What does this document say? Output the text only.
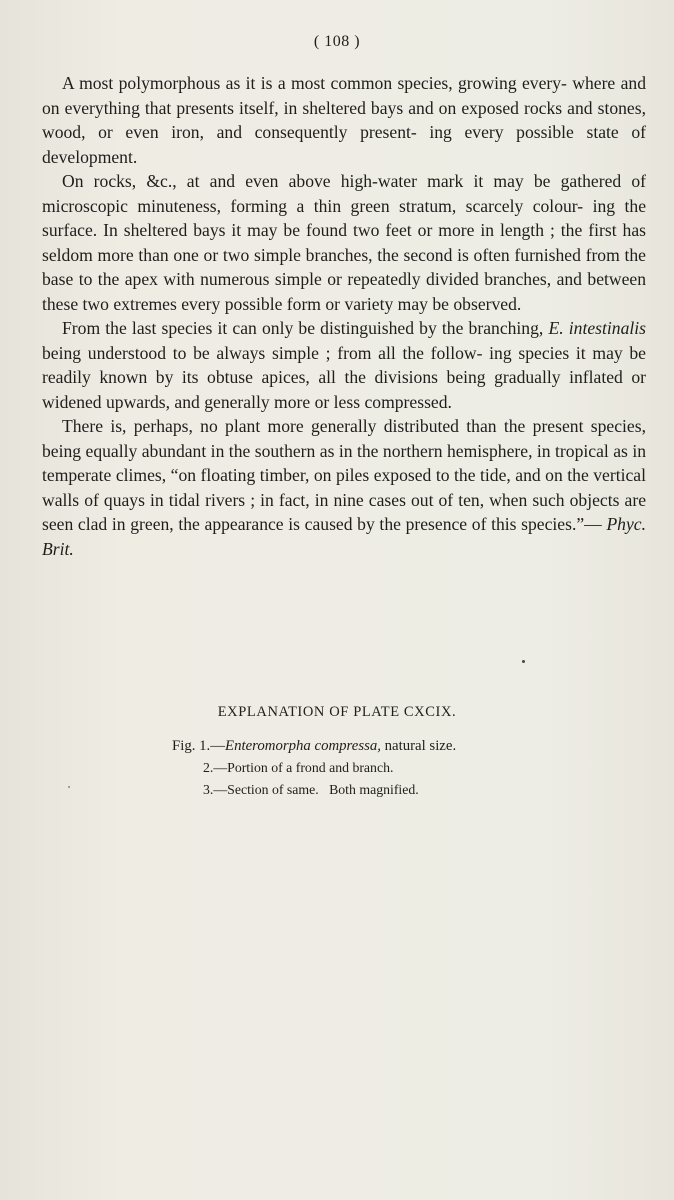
( 108 )

A most polymorphous as it is a most common species, growing every- where and on everything that presents itself, in sheltered bays and on exposed rocks and stones, wood, or even iron, and consequently present- ing every possible state of development.

On rocks, &c., at and even above high-water mark it may be gathered of microscopic minuteness, forming a thin green stratum, scarcely colour- ing the surface. In sheltered bays it may be found two feet or more in length ; the first has seldom more than one or two simple branches, the second is often furnished from the base to the apex with numerous simple or repeatedly divided branches, and between these two extremes every possible form or variety may be observed.

From the last species it can only be distinguished by the branching, E. intestinalis being understood to be always simple ; from all the follow- ing species it may be readily known by its obtuse apices, all the divisions being gradually inflated or widened upwards, and generally more or less compressed.

There is, perhaps, no plant more generally distributed than the present species, being equally abundant in the southern as in the northern hemisphere, in tropical as in temperate climes, “on floating timber, on piles exposed to the tide, and on the vertical walls of quays in tidal rivers ; in fact, in nine cases out of ten, when such objects are seen clad in green, the appearance is caused by the presence of this species.”— Phyc. Brit.

EXPLANATION OF PLATE CXCIX.
Fig. 1.—Enteromorpha compressa, natural size.
2.—Portion of a frond and branch.
3.—Section of same.   Both magnified.
